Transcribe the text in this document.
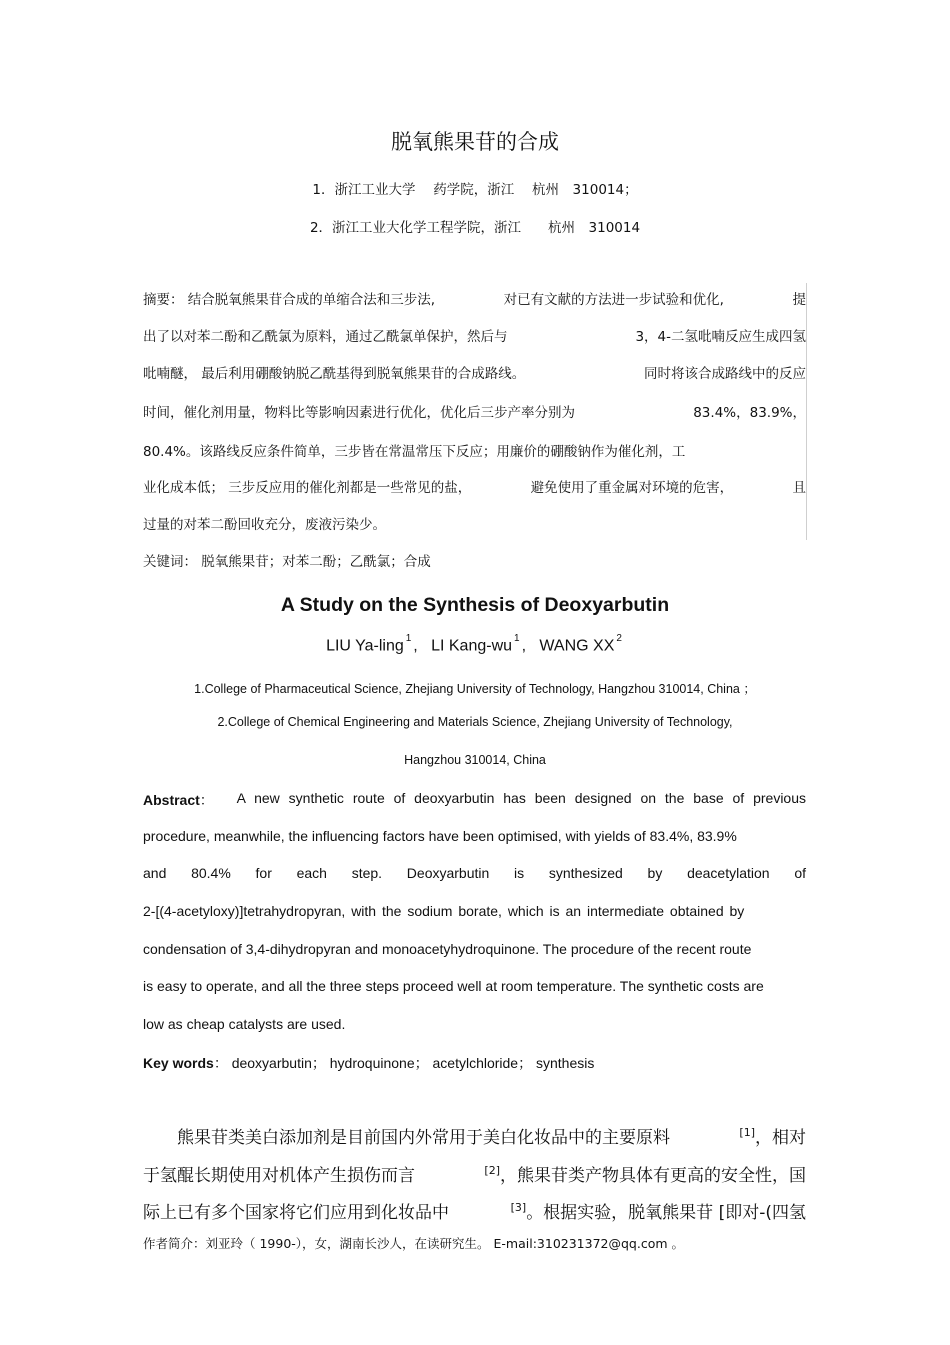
脱氧熊果苷的合成
1．浙江工业大学　 药学院，浙江　 杭州　310014；
2．浙江工业大化学工程学院，浙江　　杭州　310014
摘要： 结合脱氧熊果苷合成的单缩合法和三步法,	对已有文献的方法进一步试验和优化,	提
出了以对苯二酚和乙酰氯为原料，通过乙酰氯单保护，然后与	3，4-二氢吡喃反应生成四氢
吡喃醚， 最后利用硼酸钠脱乙酰基得到脱氧熊果苷的合成路线。	同时将该合成路线中的反应
时间，催化剂用量，物料比等影响因素进行优化，优化后三步产率分别为	83.4%，83.9%，
80.4%。该路线反应条件简单，三步皆在常温常压下反应；用廉价的硼酸钠作为催化剂，工
业化成本低； 三步反应用的催化剂都是一些常见的盐，	避免使用了重金属对环境的危害，	且
过量的对苯二酚回收充分，废液污染少。
关键词： 脱氧熊果苷；对苯二酚；乙酰氯；合成
A Study on the Synthesis of Deoxyarbutin
LIU Ya-ling $^1$ , LI Kang-wu $^1$ , WANG XX $^2$
1.College of Pharmaceutical Science, Zhejiang University of Technology, Hangzhou 310014, China ；
2.College of Chemical Engineering and Materials Science, Zhejiang University of Technology,
Hangzhou 310014, China
Abstract： A new synthetic route of deoxyarbutin has been designed on the base of previous
procedure, meanwhile, the influencing factors have been optimised, with yields of 83.4%, 83.9%
and 80.4% for each step. Deoxyarbutin is synthesized by deacetylation of
2-[(4-acetyloxy)]tetrahydropyran, with the sodium borate, which is an intermediate obtained by
condensation of 3,4-dihydropyran and monoacetyhydroquinone. The procedure of the recent route
is easy to operate, and all the three steps proceed well at room temperature. The synthetic costs are
low as cheap catalysts are used.
Key words： deoxyarbutin； hydroquinone； acetylchloride； synthesis
　　熊果苷类美白添加剂是目前国内外常用于美白化妆品中的主要原料	[1]，相对
于氢醌长期使用对机体产生损伤而言	[2]，熊果苷类产物具体有更高的安全性，国
际上已有多个国家将它们应用到化妆品中	[3]。根据实验，脱氧熊果苷 [即对-(四氢
作者简介：刘亚玲（ 1990-），女，湖南长沙人，在读研究生。 E-mail:310231372@qq.com 。
